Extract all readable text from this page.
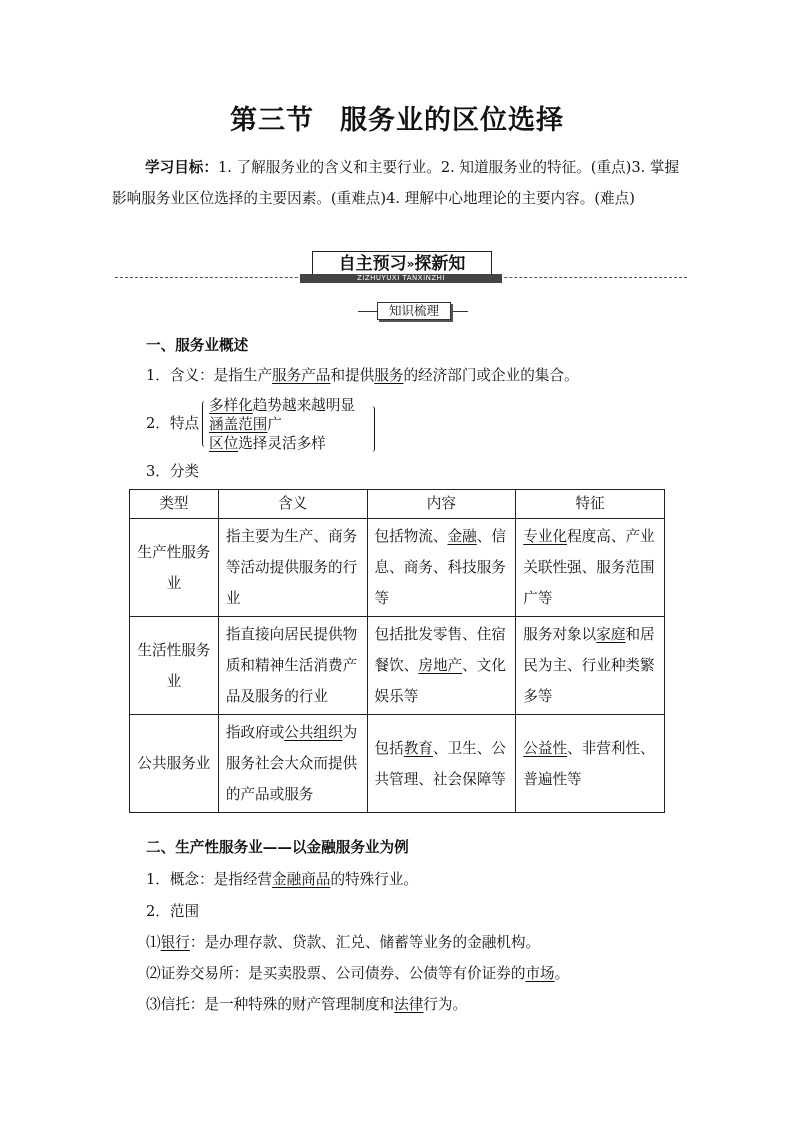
第三节 服务业的区位选择
学习目标：1. 了解服务业的含义和主要行业。2. 知道服务业的特征。(重点)3. 掌握影响服务业区位选择的主要因素。(重难点)4. 理解中心地理论的主要内容。(难点)
自主预习»探新知
ZIZHUYUXI TANXINZHI
知识梳理
一、服务业概述
1．含义：是指生产服务产品和提供服务的经济部门或企业的集合。
2．特点
多样化趋势越来越明显
涵盖范围广
区位选择灵活多样
3．分类
类型	含义	内容	特征
生产性服务业	指主要为生产、商务等活动提供服务的行业	包括物流、金融、信息、商务、科技服务等	专业化程度高、产业关联性强、服务范围广等
生活性服务业	指直接向居民提供物质和精神生活消费产品及服务的行业	包括批发零售、住宿餐饮、房地产、文化娱乐等	服务对象以家庭和居民为主、行业种类繁多等
公共服务业	指政府或公共组织为服务社会大众而提供的产品或服务	包括教育、卫生、公共管理、社会保障等	公益性、非营利性、普遍性等
二、生产性服务业——以金融服务业为例
1．概念：是指经营金融商品的特殊行业。
2．范围
⑴银行：是办理存款、贷款、汇兑、储蓄等业务的金融机构。
⑵证券交易所：是买卖股票、公司债券、公债等有价证券的市场。
⑶信托：是一种特殊的财产管理制度和法律行为。
